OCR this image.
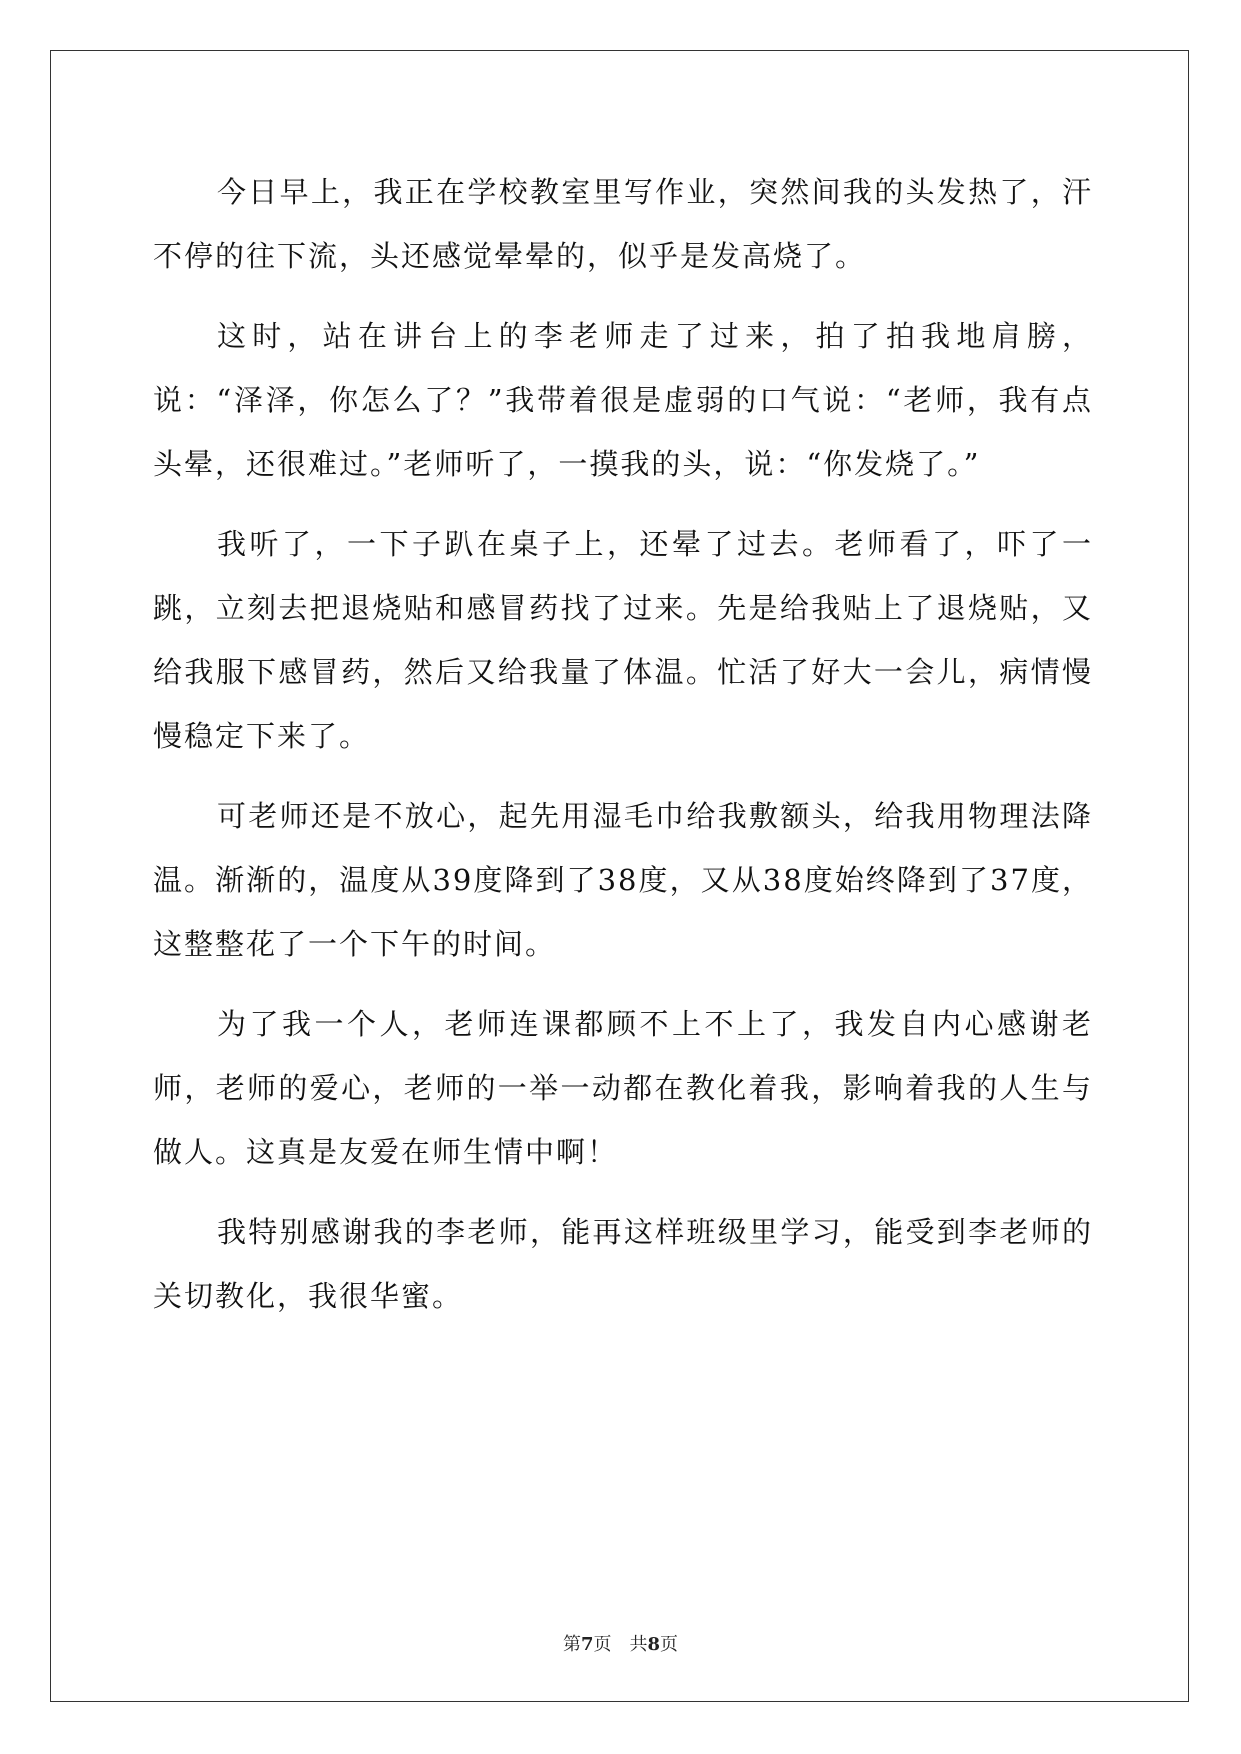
今日早上，我正在学校教室里写作业，突然间我的头发热了，汗不停的往下流，头还感觉晕晕的，似乎是发高烧了。

这时，站在讲台上的李老师走了过来，拍了拍我地肩膀，说：“泽泽，你怎么了？”我带着很是虚弱的口气说：“老师，我有点头晕，还很难过。”老师听了，一摸我的头，说：“你发烧了。”

我听了，一下子趴在桌子上，还晕了过去。老师看了，吓了一跳，立刻去把退烧贴和感冒药找了过来。先是给我贴上了退烧贴，又给我服下感冒药，然后又给我量了体温。忙活了好大一会儿，病情慢慢稳定下来了。

可老师还是不放心，起先用湿毛巾给我敷额头，给我用物理法降温。渐渐的，温度从39度降到了38度，又从38度始终降到了37度，这整整花了一个下午的时间。

为了我一个人，老师连课都顾不上不上了，我发自内心感谢老师，老师的爱心，老师的一举一动都在教化着我，影响着我的人生与做人。这真是友爱在师生情中啊！

我特别感谢我的李老师，能再这样班级里学习，能受到李老师的关切教化，我很华蜜。

第7页　共8页
